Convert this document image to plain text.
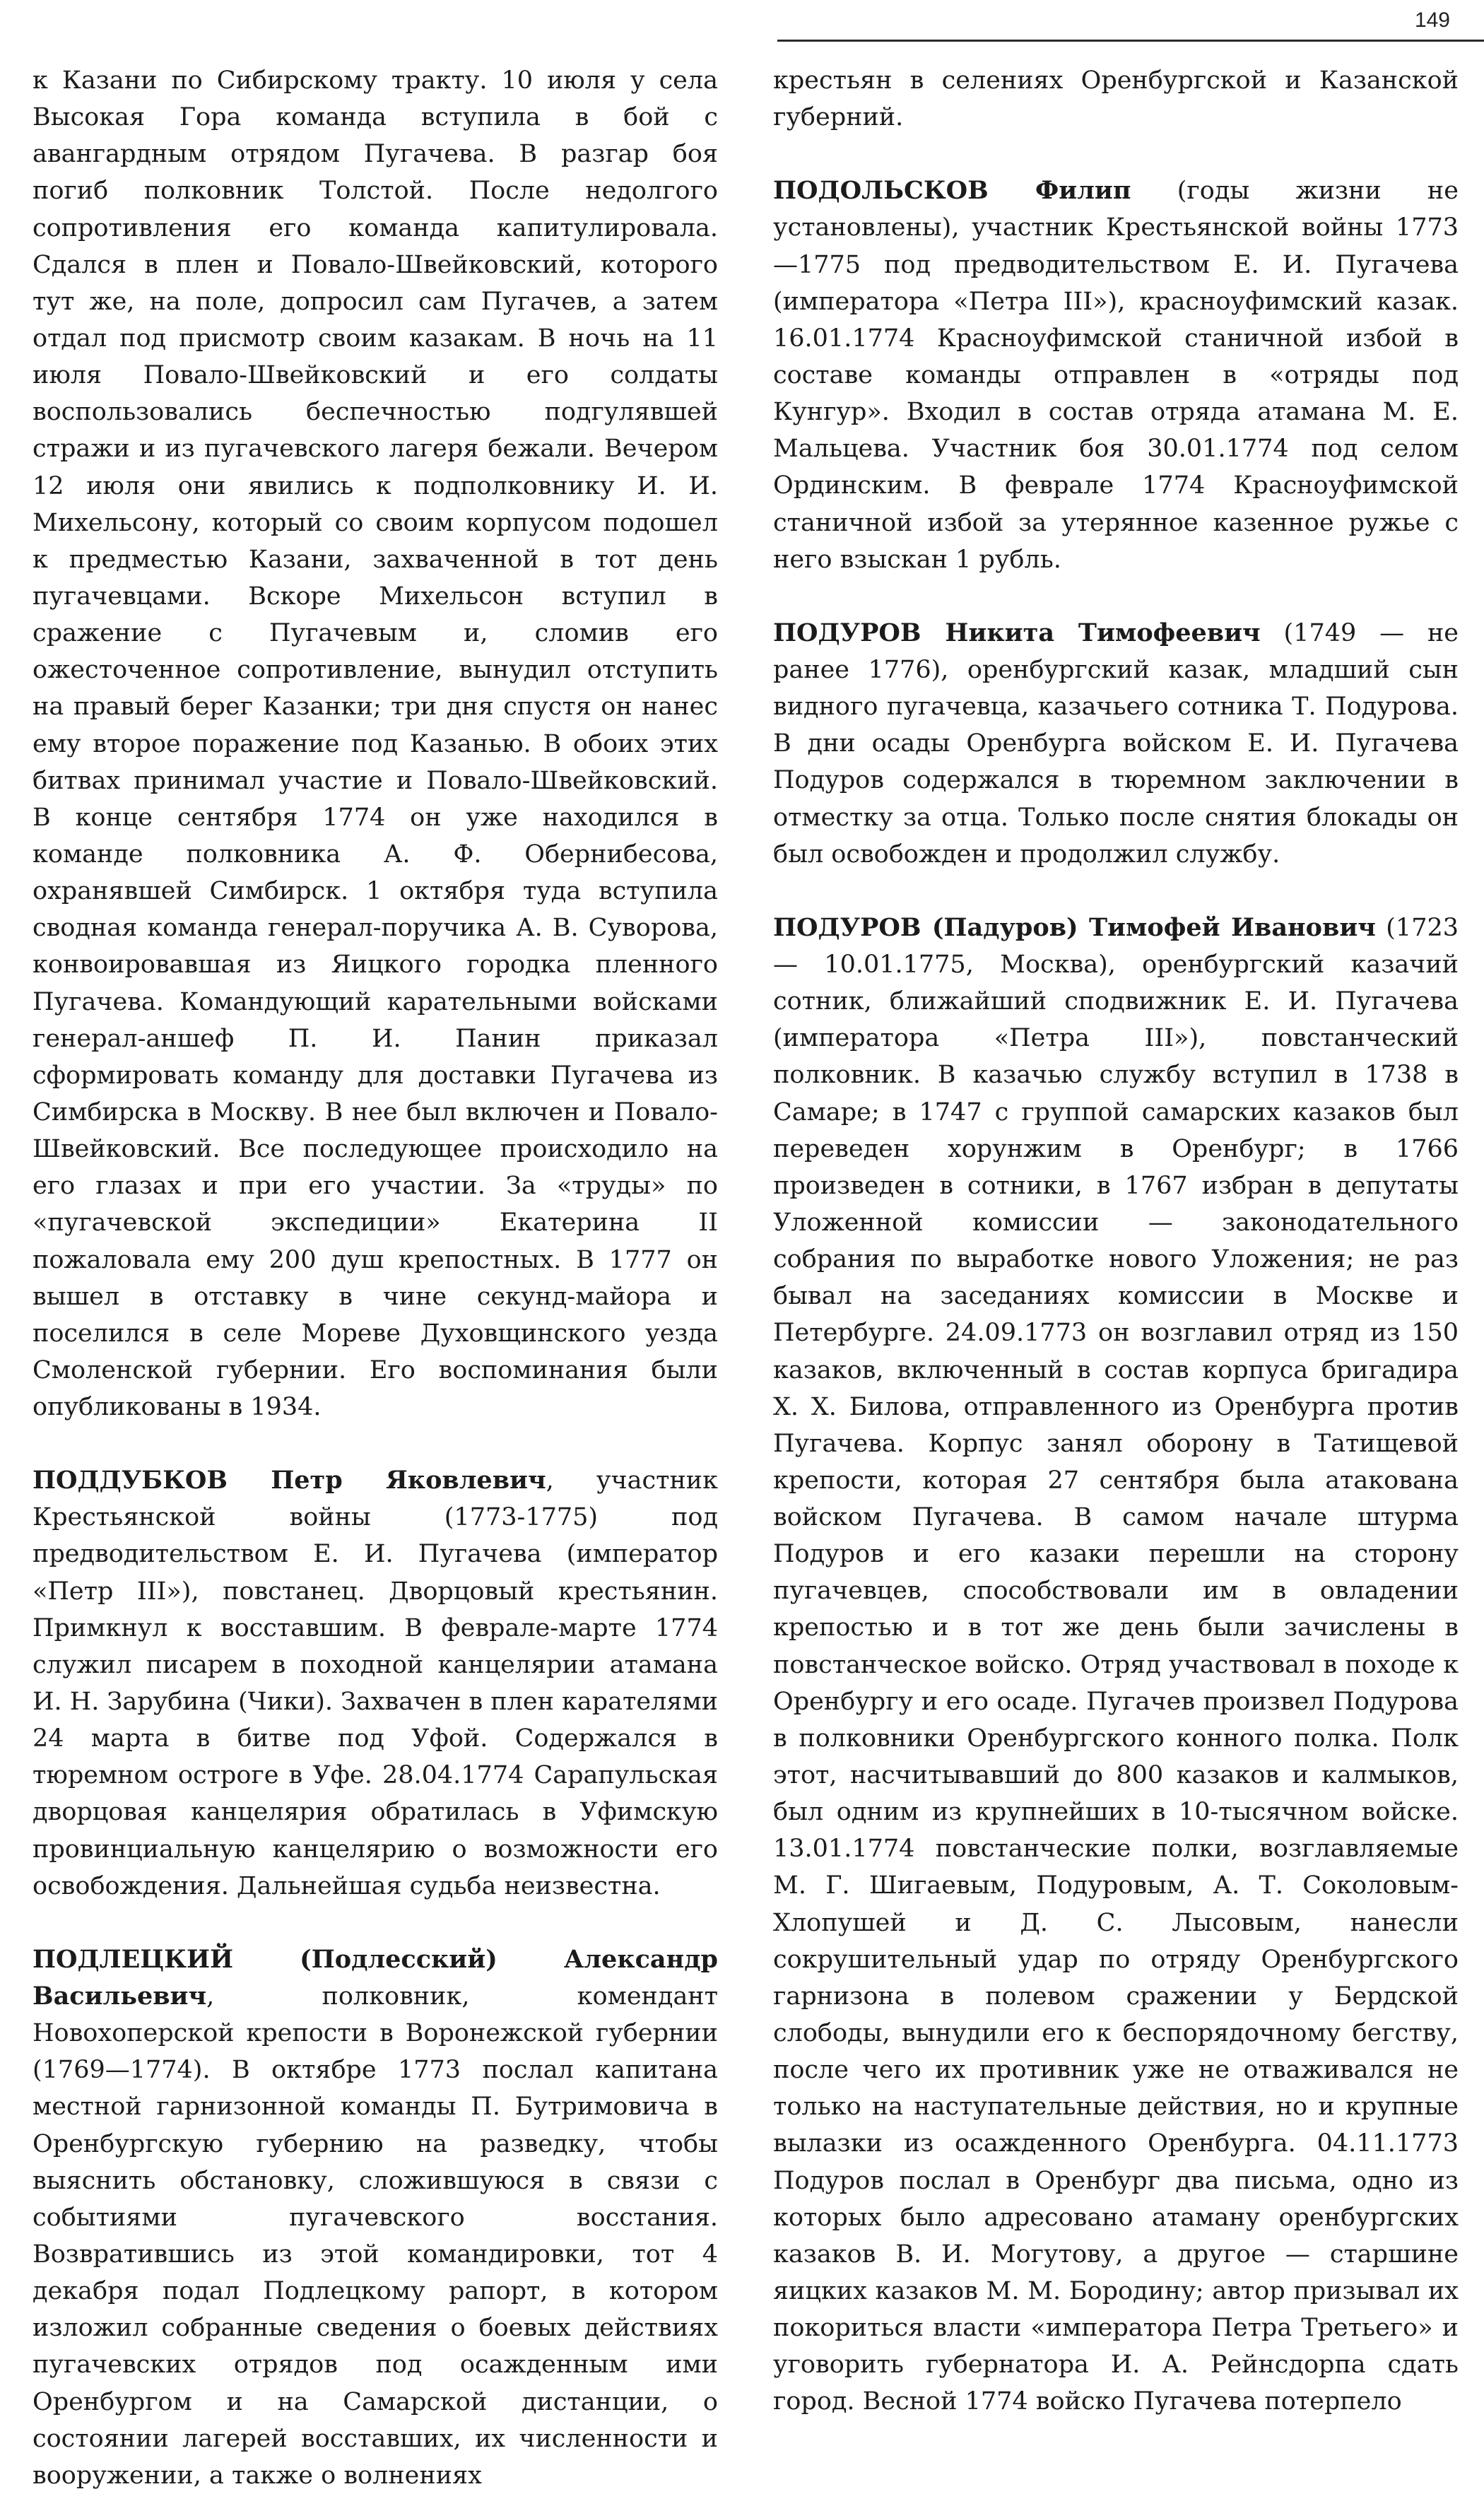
149

к Казани по Сибирскому тракту. 10 июля у села Высокая Гора команда вступила в бой с авангардным отрядом Пугачева. В разгар боя погиб полковник Толстой. После недолгого сопротивления его команда капитулировала. Сдался в плен и Повало-Швейковский, которого тут же, на поле, допросил сам Пугачев, а затем отдал под присмотр своим казакам. В ночь на 11 июля Повало-Швейковский и его солдаты воспользовались беспечностью подгулявшей стражи и из пугачевского лагеря бежали. Вечером 12 июля они явились к подполковнику И. И. Михельсону, который со своим корпусом подошел к предместью Казани, захваченной в тот день пугачевцами. Вскоре Михельсон вступил в сражение с Пугачевым и, сломив его ожесточенное сопротивление, вынудил отступить на правый берег Казанки; три дня спустя он нанес ему второе поражение под Казанью. В обоих этих битвах принимал участие и Повало-Швейковский. В конце сентября 1774 он уже находился в команде полковника А. Ф. Обернибесова, охранявшей Симбирск. 1 октября туда вступила сводная команда генерал-поручика А. В. Суворова, конвоировавшая из Яицкого городка пленного Пугачева. Командующий карательными войсками генерал-аншеф П. И. Панин приказал сформировать команду для доставки Пугачева из Симбирска в Москву. В нее был включен и Повало-Швейковский. Все последующее происходило на его глазах и при его участии. За «труды» по «пугачевской экспедиции» Екатерина II пожаловала ему 200 душ крепостных. В 1777 он вышел в отставку в чине секунд-майора и поселился в селе Мореве Духовщинского уезда Смоленской губернии. Его воспоминания были опубликованы в 1934.

ПОДДУБКОВ Петр Яковлевич, участник Крестьянской войны (1773-1775) под предводительством Е. И. Пугачева (император «Петр III»), повстанец. Дворцовый крестьянин. Примкнул к восставшим. В феврале-марте 1774 служил писарем в походной канцелярии атамана И. Н. Зарубина (Чики). Захвачен в плен карателями 24 марта в битве под Уфой. Содержался в тюремном остроге в Уфе. 28.04.1774 Сарапульская дворцовая канцелярия обратилась в Уфимскую провинциальную канцелярию о возможности его освобождения. Дальнейшая судьба неизвестна.

ПОДЛЕЦКИЙ (Подлесский) Александр Васильевич, полковник, комендант Новохоперской крепости в Воронежской губернии (1769—1774). В октябре 1773 послал капитана местной гарнизонной команды П. Бутримовича в Оренбургскую губернию на разведку, чтобы выяснить обстановку, сложившуюся в связи с событиями пугачевского восстания. Возвратившись из этой командировки, тот 4 декабря подал Подлецкому рапорт, в котором изложил собранные сведения о боевых действиях пугачевских отрядов под осажденным ими Оренбургом и на Самарской дистанции, о состоянии лагерей восставших, их численности и вооружении, а также о волнениях

крестьян в селениях Оренбургской и Казанской губерний.

ПОДОЛЬСКОВ Филип (годы жизни не установлены), участник Крестьянской войны 1773—1775 под предводительством Е. И. Пугачева (императора «Петра III»), красноуфимский казак. 16.01.1774 Красноуфимской станичной избой в составе команды отправлен в «отряды под Кунгур». Входил в состав отряда атамана М. Е. Мальцева. Участник боя 30.01.1774 под селом Ординским. В феврале 1774 Красноуфимской станичной избой за утерянное казенное ружье с него взыскан 1 рубль.

ПОДУРОВ Никита Тимофеевич (1749 — не ранее 1776), оренбургский казак, младший сын видного пугачевца, казачьего сотника Т. Подурова. В дни осады Оренбурга войском Е. И. Пугачева Подуров содержался в тюремном заключении в отместку за отца. Только после снятия блокады он был освобожден и продолжил службу.

ПОДУРОВ (Падуров) Тимофей Иванович (1723 — 10.01.1775, Москва), оренбургский казачий сотник, ближайший сподвижник Е. И. Пугачева (императора «Петра III»), повстанческий полковник. В казачью службу вступил в 1738 в Самаре; в 1747 с группой самарских казаков был переведен хорунжим в Оренбург; в 1766 произведен в сотники, в 1767 избран в депутаты Уложенной комиссии — законодательного собрания по выработке нового Уложения; не раз бывал на заседаниях комиссии в Москве и Петербурге. 24.09.1773 он возглавил отряд из 150 казаков, включенный в состав корпуса бригадира Х. Х. Билова, отправленного из Оренбурга против Пугачева. Корпус занял оборону в Татищевой крепости, которая 27 сентября была атакована войском Пугачева. В самом начале штурма Подуров и его казаки перешли на сторону пугачевцев, способствовали им в овладении крепостью и в тот же день были зачислены в повстанческое войско. Отряд участвовал в походе к Оренбургу и его осаде. Пугачев произвел Подурова в полковники Оренбургского конного полка. Полк этот, насчитывавший до 800 казаков и калмыков, был одним из крупнейших в 10-тысячном войске. 13.01.1774 повстанческие полки, возглавляемые М. Г. Шигаевым, Подуровым, А. Т. Соколовым-Хлопушей и Д. С. Лысовым, нанесли сокрушительный удар по отряду Оренбургского гарнизона в полевом сражении у Бердской слободы, вынудили его к беспорядочному бегству, после чего их противник уже не отваживался не только на наступательные действия, но и крупные вылазки из осажденного Оренбурга. 04.11.1773 Подуров послал в Оренбург два письма, одно из которых было адресовано атаману оренбургских казаков В. И. Могутову, а другое — старшине яицких казаков М. М. Бородину; автор призывал их покориться власти «императора Петра Третьего» и уговорить губернатора И. А. Рейнсдорпа сдать город. Весной 1774 войско Пугачева потерпело
